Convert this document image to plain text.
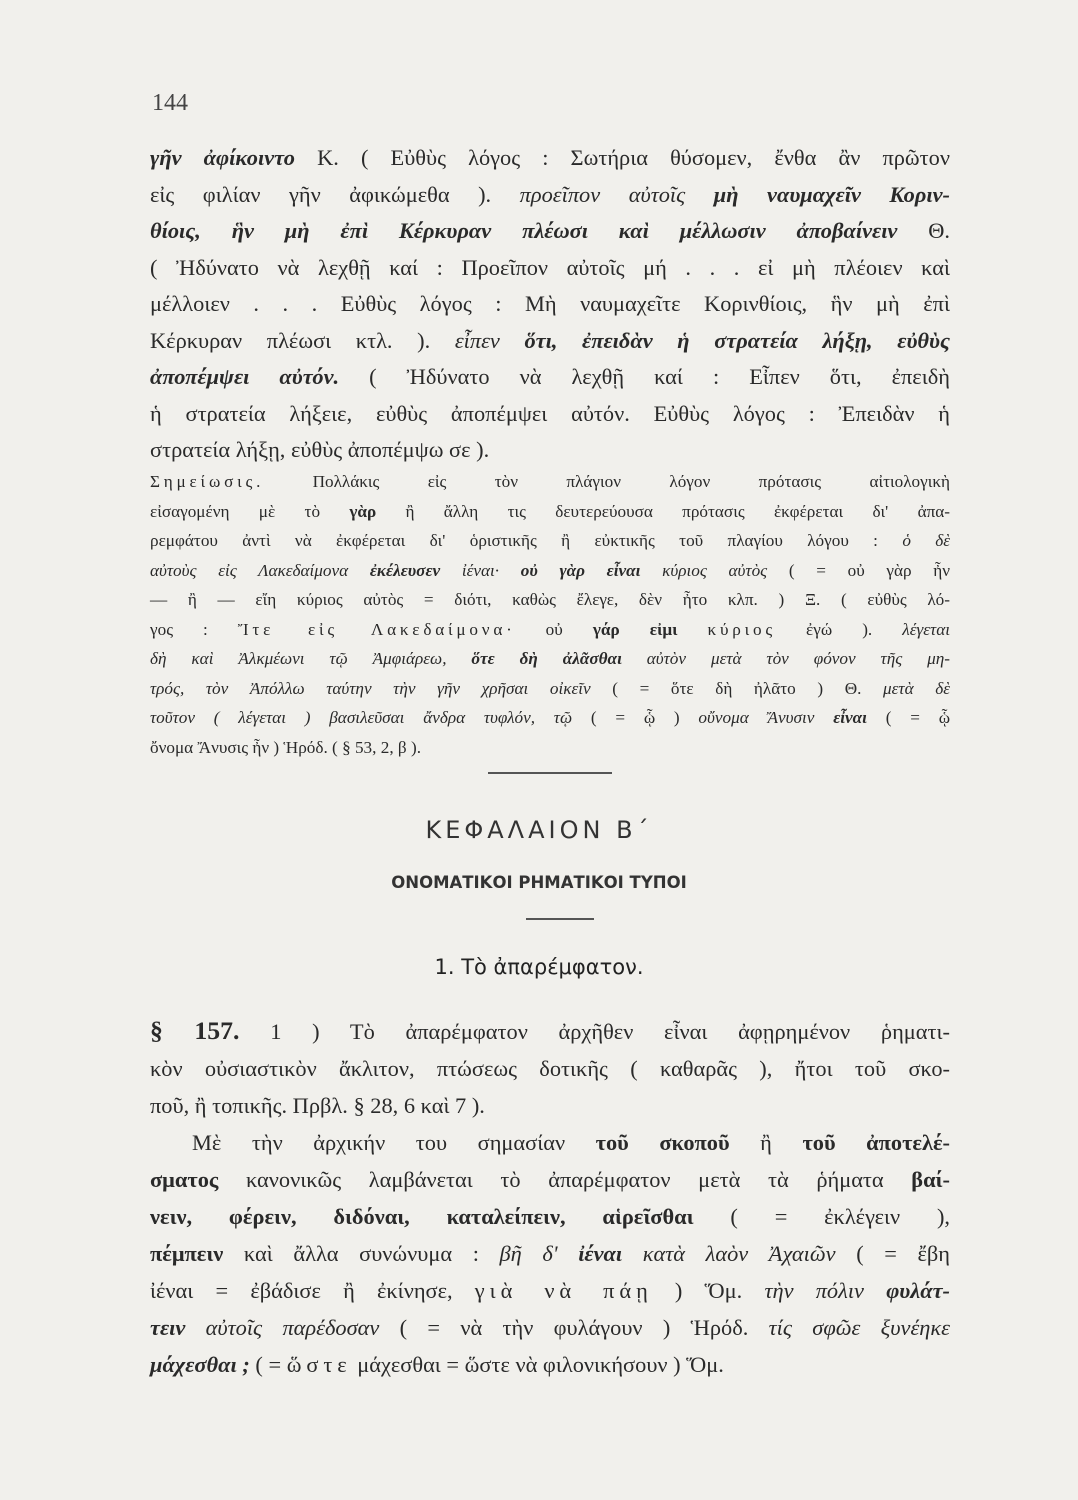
144
γῆν ἀφίκοιντο Κ. ( Εὐθὺς λόγος : Σωτήρια θύσομεν, ἔνθα ἂν πρῶτον
εἰς φιλίαν γῆν ἀφικώμεθα ). προεῖπον αὐτοῖς μὴ ναυμαχεῖν Κοριν-
θίοις, ἣν μὴ ἐπὶ Κέρκυραν πλέωσι καὶ μέλλωσιν ἀποβαίνειν Θ.
( Ἠδύνατο νὰ λεχθῇ καί : Προεῖπον αὐτοῖς μή . . . εἰ μὴ πλέοιεν καὶ
μέλλοιεν . . . Εὐθὺς λόγος : Μὴ ναυμαχεῖτε Κορινθίοις, ἣν μὴ ἐπὶ
Κέρκυραν πλέωσι κτλ. ). εἶπεν ὅτι, ἐπειδὰν ἡ στρατεία λήξῃ, εὐθὺς
ἀποπέμψει αὐτόν. ( Ἠδύνατο νὰ λεχθῇ καί : Εἶπεν ὅτι, ἐπειδὴ
ἡ στρατεία λήξειε, εὐθὺς ἀποπέμψει αὐτόν. Εὐθὺς λόγος : Ἐπειδὰν ἡ
στρατεία λήξῃ, εὐθὺς ἀποπέμψω σε ).
Σημείωσις. Πολλάκις εἰς τὸν πλάγιον λόγον πρότασις αἰτιολογικὴ
εἰσαγομένη μὲ τὸ γὰρ ἢ ἄλλη τις δευτερεύουσα πρότασις ἐκφέρεται δι' ἀπα-
ρεμφάτου ἀντὶ νὰ ἐκφέρεται δι' ὁριστικῆς ἢ εὐκτικῆς τοῦ πλαγίου λόγου : ὁ δὲ
αὐτοὺς εἰς Λακεδαίμονα ἐκέλευσεν ἰέναι· οὐ γὰρ εἶναι κύριος αὐτὸς ( = οὐ γὰρ ἦν
— ἢ — εἴη κύριος αὐτὸς = διότι, καθὼς ἔλεγε, δὲν ἦτο κλπ. ) Ξ. ( εὐθὺς λό-
γος : Ἴτε εἰς Λακεδαίμονα· οὐ γάρ εἰμι κύριος ἐγώ ). λέγεται
δὴ καὶ Ἀλκμέωνι τῷ Ἀμφιάρεω, ὅτε δὴ ἀλᾶσθαι αὐτὸν μετὰ τὸν φόνον τῆς μη-
τρός, τὸν Ἀπόλλω ταύτην τὴν γῆν χρῆσαι οἰκεῖν ( = ὅτε δὴ ἠλᾶτο ) Θ. μετὰ δὲ
τοῦτον ( λέγεται ) βασιλεῦσαι ἄνδρα τυφλόν, τῷ ( = ᾧ ) οὔνομα Ἄνυσιν εἶναι ( = ᾧ
ὄνομα Ἄνυσις ἦν ) Ἡρόδ. ( § 53, 2, β ).
ΚΕΦΑΛΑΙΟΝ Β΄
ΟΝΟΜΑΤΙΚΟΙ ΡΗΜΑΤΙΚΟΙ ΤΥΠΟΙ
1. Τὸ ἀπαρέμφατον.
§ 157. 1 ) Τὸ ἀπαρέμφατον ἀρχῆθεν εἶναι ἀφῃρημένον ῥηματι-
κὸν οὐσιαστικὸν ἄκλιτον, πτώσεως δοτικῆς ( καθαρᾶς ), ἤτοι τοῦ σκο-
ποῦ, ἢ τοπικῆς. Πρβλ. § 28, 6 καὶ 7 ).
Μὲ τὴν ἀρχικήν του σημασίαν τοῦ σκοποῦ ἢ τοῦ ἀποτελέ-
σματος κανονικῶς λαμβάνεται τὸ ἀπαρέμφατον μετὰ τὰ ῥήματα βαί-
νειν, φέρειν, διδόναι, καταλείπειν, αἱρεῖσθαι ( = ἐκλέγειν ),
πέμπειν καὶ ἄλλα συνώνυμα : βῆ δ' ἰέναι κατὰ λαὸν Ἀχαιῶν ( = ἔβη
ἰέναι = ἐβάδισε ἢ ἐκίνησε, γιὰ νὰ πάῃ ) Ὅμ. τὴν πόλιν φυλάτ-
τειν αὐτοῖς παρέδοσαν ( = νὰ τὴν φυλάγουν ) Ἡρόδ. τίς σφῶε ξυνέηκε
μάχεσθαι ; ( = ὥστε μάχεσθαι = ὥστε νὰ φιλονικήσουν ) Ὅμ.
